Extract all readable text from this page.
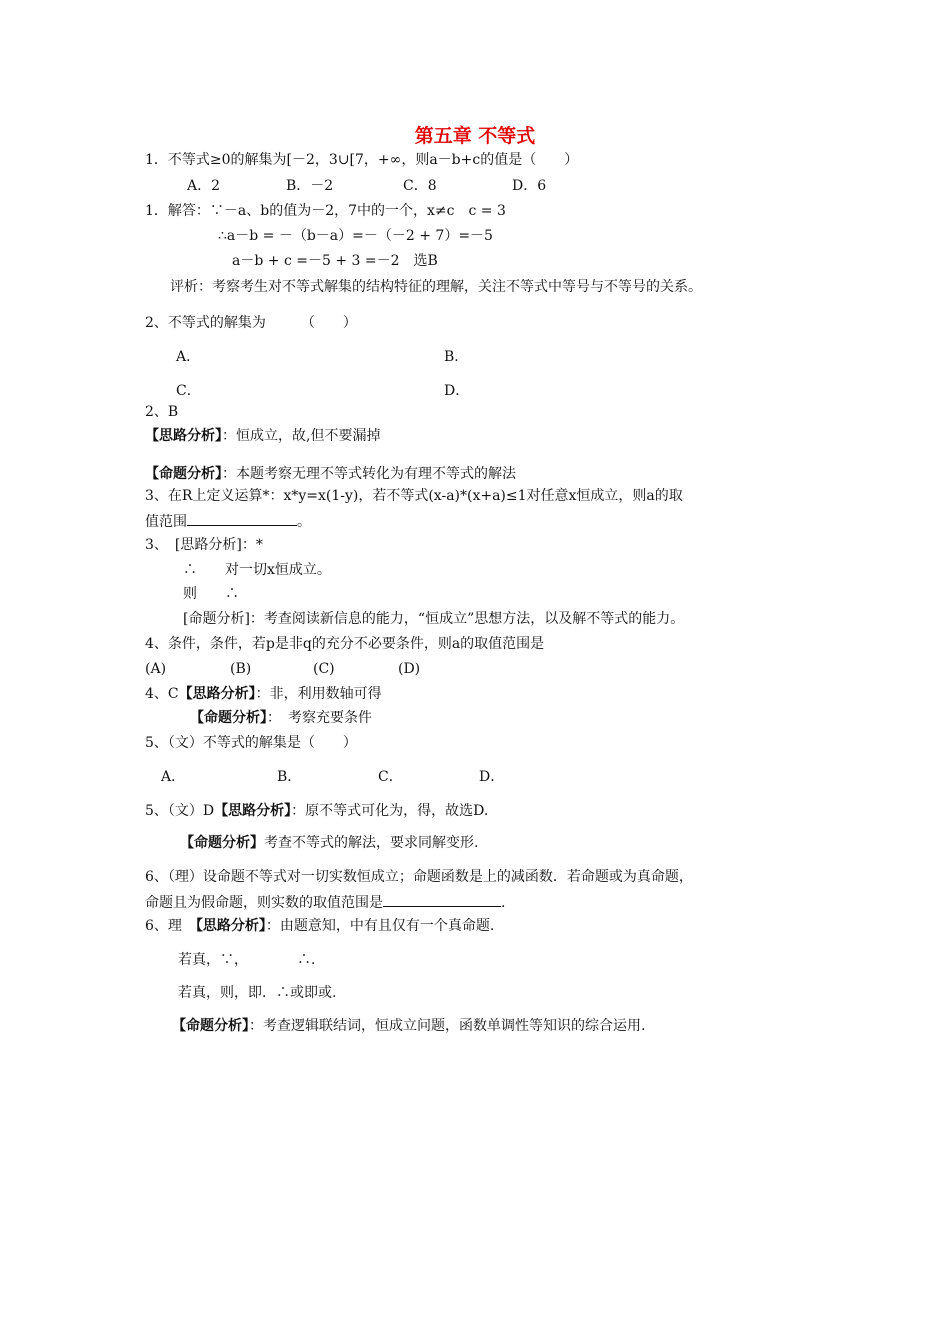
第五章 不等式
1．不等式≥0的解集为[－2，3∪[7，+∞，则a－b+c的值是（　　）
A．2	B．－2	C．8	D．6
1．解答：∵－a、b的值为－2，7中的一个，x≠c　c = 3
∴a－b = －（b－a）=－（－2 + 7）=－5
a－b + c =－5 + 3 =－2　选B
评析：考察考生对不等式解集的结构特征的理解，关注不等式中等号与不等号的关系。
2、不等式的解集为　　　（　　）
A．	B．
C．	D．
2、B
【思路分析】：恒成立，故,但不要漏掉
【命题分析】：本题考察无理不等式转化为有理不等式的解法
3、在R上定义运算*：x*y=x(1-y)，若不等式(x-a)*(x+a)≤1对任意x恒成立，则a的取
值范围	。
3、　[思路分析]：*
∴　　对一切x恒成立。
则　　∴
[命题分析]：考查阅读新信息的能力，“恒成立”思想方法，以及解不等式的能力。
4、条件，条件，若p是非q的充分不必要条件，则a的取值范围是
(A)	(B)	(C)	(D)
4、C【思路分析】：非，利用数轴可得
【命题分析】：　考察充要条件
5、（文）不等式的解集是（　　）
A．	B．	C．	D．
5、（文）D【思路分析】：原不等式可化为，得，故选D.
【命题分析】考查不等式的解法，要求同解变形.
6、（理）设命题不等式对一切实数恒成立；命题函数是上的减函数．若命题或为真命题，
命题且为假命题，则实数的取值范围是	.
6、理　【思路分析】：由题意知，中有且仅有一个真命题.
若真，∵，　　　　∴.
若真，则，即．∴或即或.
【命题分析】：考查逻辑联结词，恒成立问题，函数单调性等知识的综合运用.
